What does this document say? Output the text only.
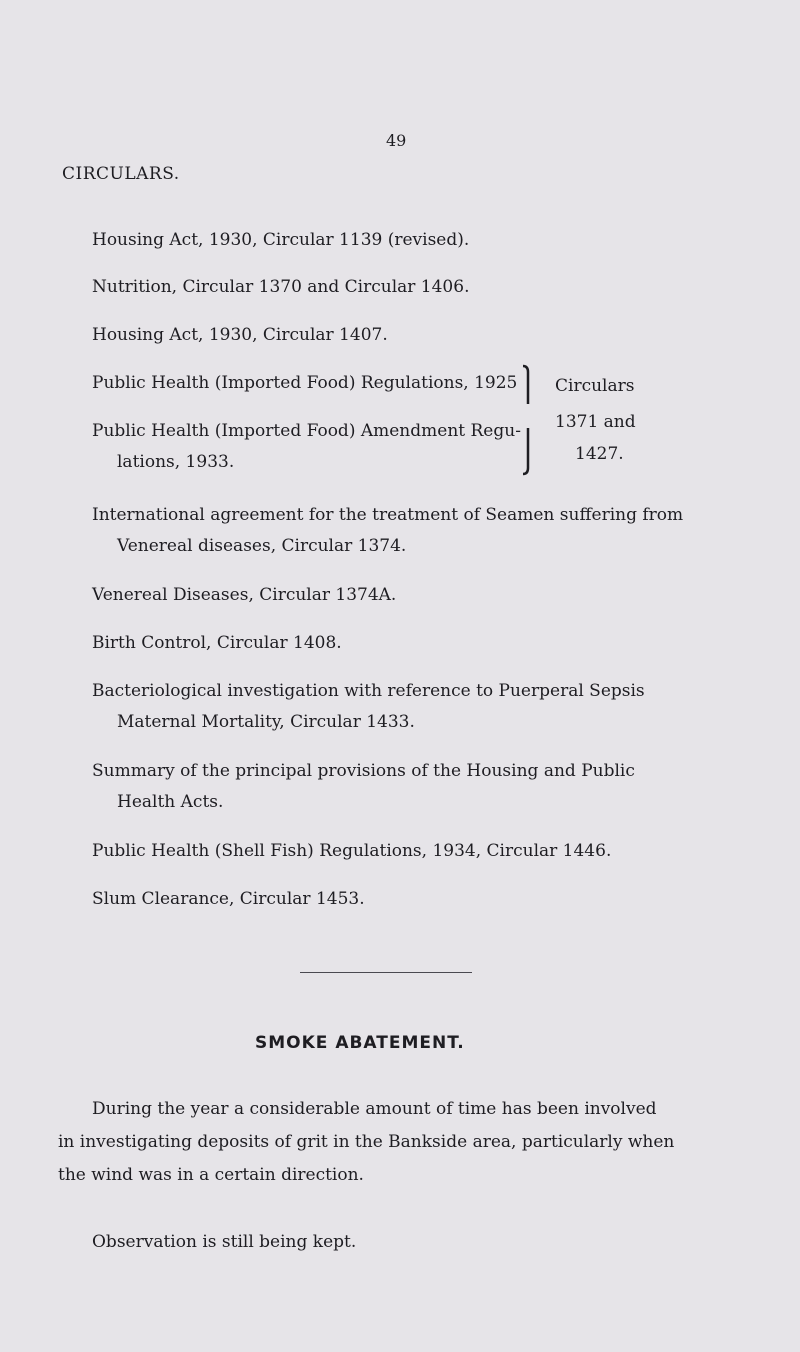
49
CIRCULARS.
Housing Act, 1930, Circular 1139 (revised).
Nutrition, Circular 1370 and Circular 1406.
Housing Act, 1930, Circular 1407.
Public Health (Imported Food) Regulations, 1925
Public Health (Imported Food) Amendment Regu-
lations, 1933.
Circulars
1371 and
1427.
International agreement for the treatment of Seamen suffering from
Venereal diseases, Circular 1374.
Venereal Diseases, Circular 1374A.
Birth Control, Circular 1408.
Bacteriological investigation with reference to Puerperal Sepsis
Maternal Mortality, Circular 1433.
Summary of the principal provisions of the Housing and Public
Health Acts.
Public Health (Shell Fish) Regulations, 1934, Circular 1446.
Slum Clearance, Circular 1453.
SMOKE ABATEMENT.
During the year a considerable amount of time has been involved
in investigating deposits of grit in the Bankside area, particularly when
the wind was in a certain direction.
Observation is still being kept.
